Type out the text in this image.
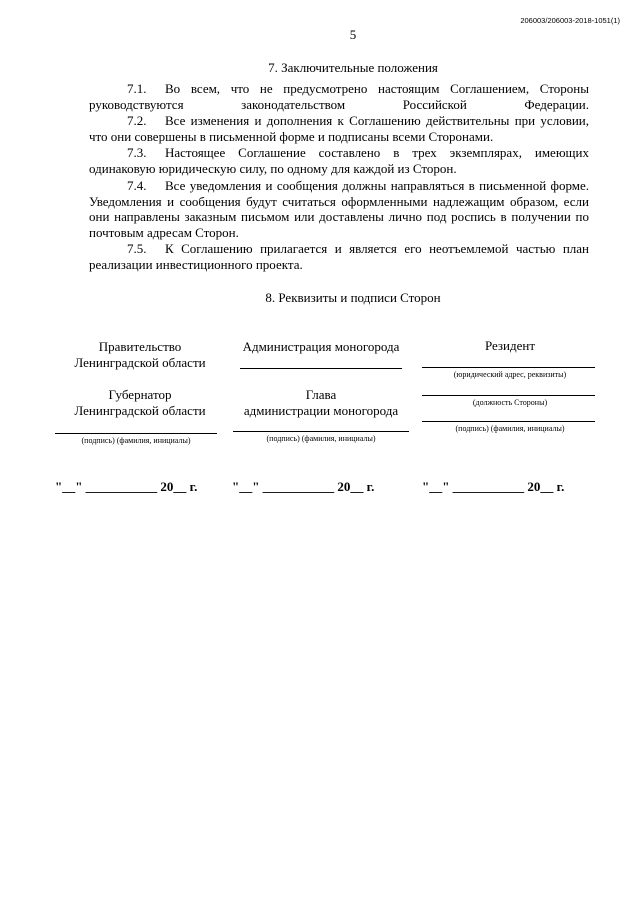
206003/206003-2018-1051(1)
5
7. Заключительные положения
7.1. Во всем, что не предусмотрено настоящим Соглашением, Стороны руководствуются законодательством Российской Федерации.
7.2. Все изменения и дополнения к Соглашению действительны при условии, что они совершены в письменной форме и подписаны всеми Сторонами.
7.3. Настоящее Соглашение составлено в трех экземплярах, имеющих одинаковую юридическую силу, по одному для каждой из Сторон.
7.4. Все уведомления и сообщения должны направляться в письменной форме. Уведомления и сообщения будут считаться оформленными надлежащим образом, если они направлены заказным письмом или доставлены лично под роспись в получении по почтовым адресам Сторон.
7.5. К Соглашению прилагается и является его неотъемлемой частью план реализации инвестиционного проекта.
8. Реквизиты и подписи Сторон
Правительство
Ленинградской области
Губернатор
Ленинградской области
(подпись) (фамилия, инициалы)
"__" ___________ 20__ г.
Администрация моногорода
Глава
администрации моногорода
(подпись) (фамилия, инициалы)
"__" ___________ 20__ г.
Резидент
(юридический адрес, реквизиты)
(должность Стороны)
(подпись) (фамилия, инициалы)
"__" ___________ 20__ г.
